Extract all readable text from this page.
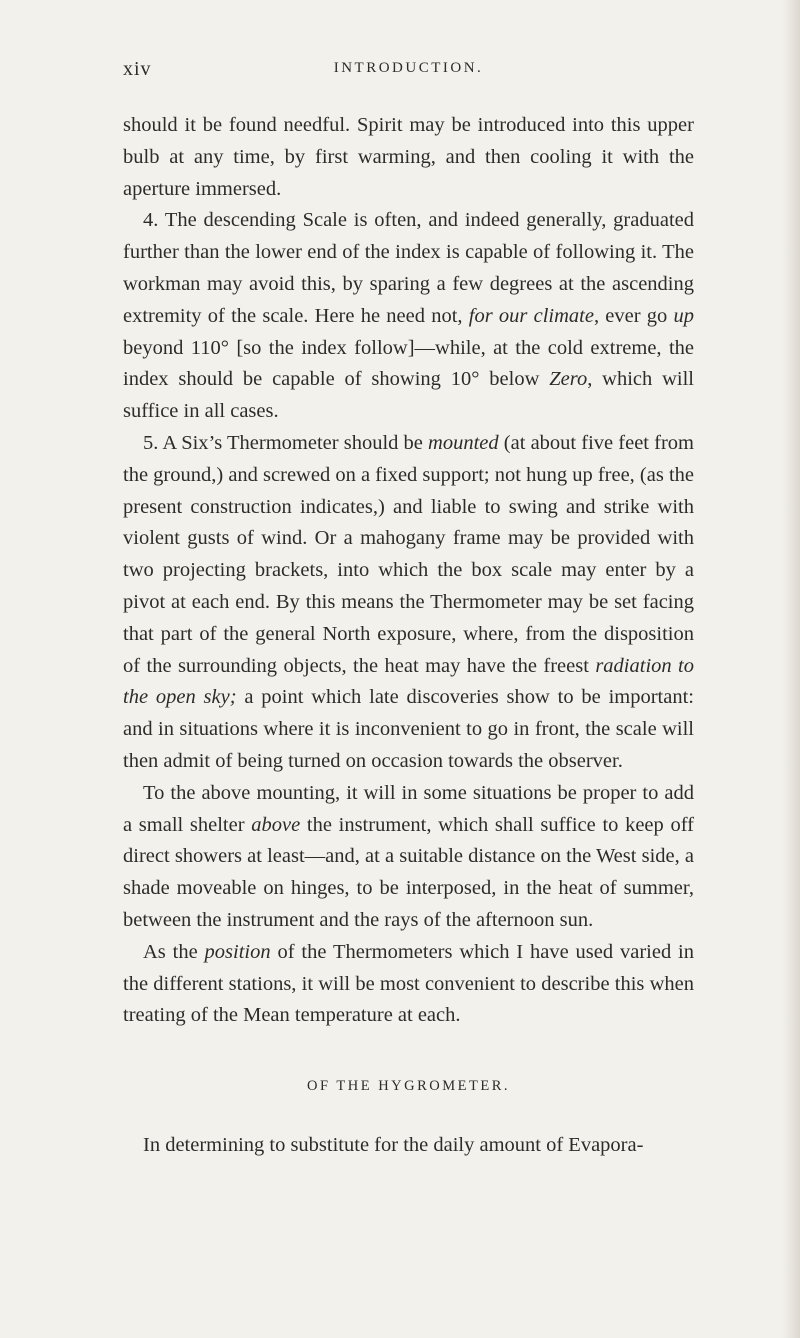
xiv	INTRODUCTION.

should it be found needful. Spirit may be introduced into this upper bulb at any time, by first warming, and then cooling it with the aperture immersed.

4. The descending Scale is often, and indeed generally, graduated further than the lower end of the index is capable of following it. The workman may avoid this, by sparing a few degrees at the ascending extremity of the scale. Here he need not, for our climate, ever go up beyond 110° [so the index follow]—while, at the cold extreme, the index should be capable of showing 10° below Zero, which will suffice in all cases.

5. A Six’s Thermometer should be mounted (at about five feet from the ground,) and screwed on a fixed support; not hung up free, (as the present construction indicates,) and liable to swing and strike with violent gusts of wind. Or a mahogany frame may be provided with two projecting brackets, into which the box scale may enter by a pivot at each end. By this means the Thermometer may be set facing that part of the general North exposure, where, from the disposition of the surrounding objects, the heat may have the freest radiation to the open sky; a point which late discoveries show to be important: and in situations where it is inconvenient to go in front, the scale will then admit of being turned on occasion towards the observer.

To the above mounting, it will in some situations be proper to add a small shelter above the instrument, which shall suffice to keep off direct showers at least—and, at a suitable distance on the West side, a shade moveable on hinges, to be interposed, in the heat of summer, between the instrument and the rays of the afternoon sun.

As the position of the Thermometers which I have used varied in the different stations, it will be most convenient to describe this when treating of the Mean temperature at each.

OF THE HYGROMETER.

In determining to substitute for the daily amount of Evapora-
